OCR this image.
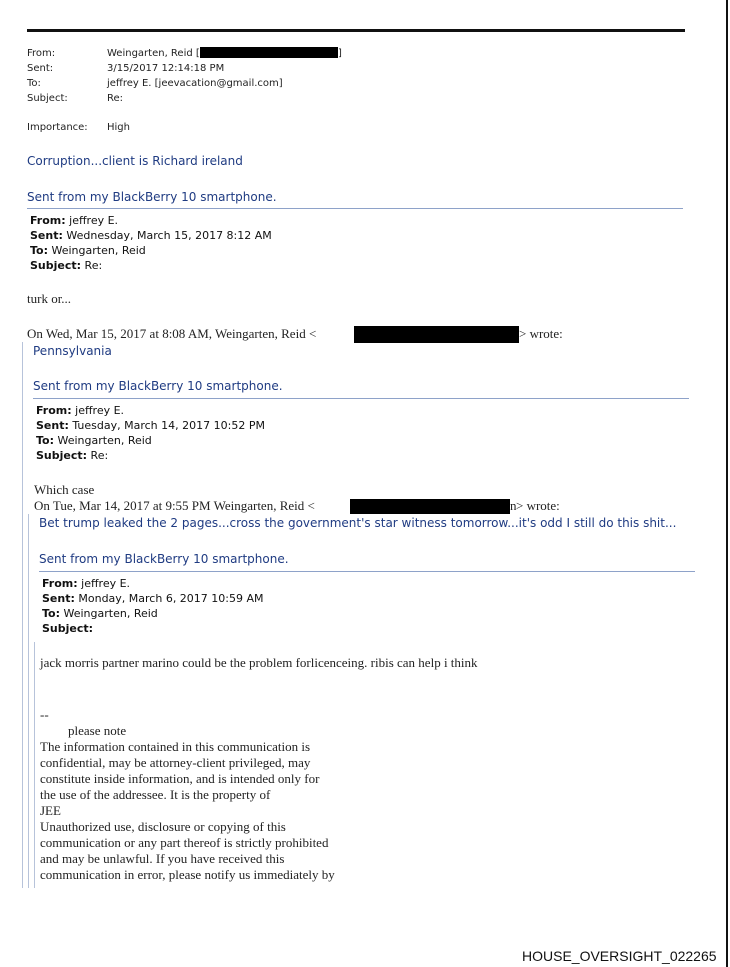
From:	Weingarten, Reid [	]
Sent:	3/15/2017 12:14:18 PM
To:	jeffrey E. [jeevacation@gmail.com]
Subject:	Re:
Importance: High
Corruption...client is Richard ireland
Sent from my BlackBerry 10 smartphone.
From: jeffrey E.
Sent: Wednesday, March 15, 2017 8:12 AM
To: Weingarten, Reid
Subject: Re:
turk or...
On Wed, Mar 15, 2017 at 8:08 AM, Weingarten, Reid <	> wrote:
Pennsylvania
Sent from my BlackBerry 10 smartphone.
From: jeffrey E.
Sent: Tuesday, March 14, 2017 10:52 PM
To: Weingarten, Reid
Subject: Re:
Which case
On Tue, Mar 14, 2017 at 9:55 PM Weingarten, Reid <	n > wrote:
Bet trump leaked the 2 pages...cross the government's star witness tomorrow...it's odd I still do this shit...
Sent from my BlackBerry 10 smartphone.
From: jeffrey E.
Sent: Monday, March 6, 2017 10:59 AM
To: Weingarten, Reid
Subject:
jack morris partner marino could be the problem forlicenceing. ribis can help i think
--
please note
The information contained in this communication is
confidential, may be attorney-client privileged, may
constitute inside information, and is intended only for
the use of the addressee. It is the property of
JEE
Unauthorized use, disclosure or copying of this
communication or any part thereof is strictly prohibited
and may be unlawful. If you have received this
communication in error, please notify us immediately by
HOUSE_OVERSIGHT_022265
